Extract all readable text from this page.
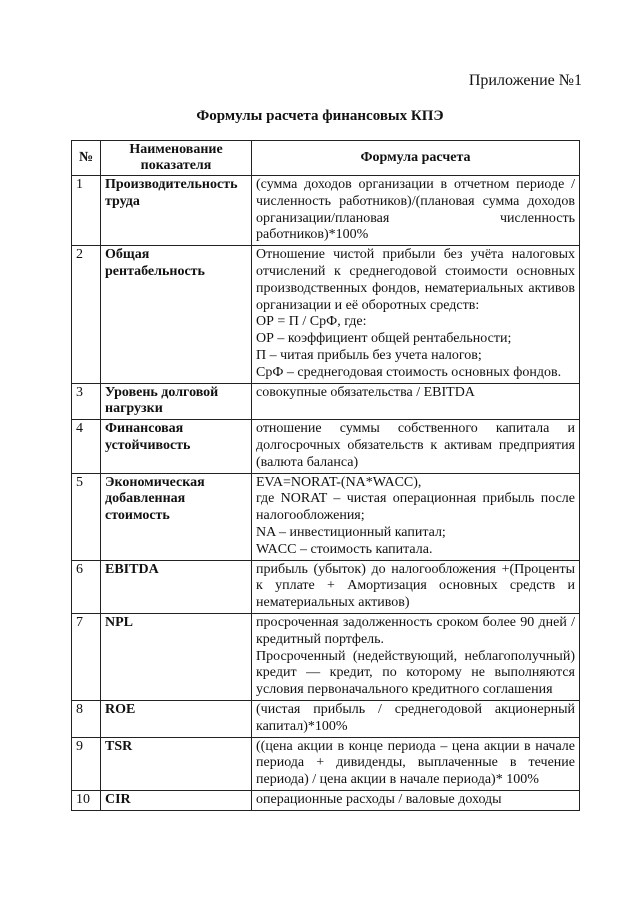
Приложение №1
Формулы расчета финансовых КПЭ
№	Наименование показателя	Формула расчета
1	Производительность труда	(сумма доходов организации в отчетном периоде / численность работников)/(плановая сумма доходов организации/плановая численность работников)*100%

2	Общая рентабельность	Отношение чистой прибыли без учёта налоговых отчислений к среднегодовой стоимости основных производственных фондов, нематериальных активов организации и её оборотных средств:
ОР = П / СрФ, где:
ОР – коэффициент общей рентабельности;
П – читая прибыль без учета налогов;
СрФ – среднегодовая стоимость основных фондов.

3	Уровень долговой нагрузки	совокупные обязательства / EBITDA

4	Финансовая устойчивость	отношение суммы собственного капитала и долгосрочных обязательств к активам предприятия (валюта баланса)

5	Экономическая добавленная стоимость	EVA=NORAT-(NA*WACC),
где NORAT – чистая операционная прибыль после налогообложения;
NA – инвестиционный капитал;
WACC – стоимость капитала.

6	EBITDA	прибыль (убыток) до налогообложения +(Проценты к уплате + Амортизация основных средств и нематериальных активов)

7	NPL	просроченная задолженность сроком более 90 дней / кредитный портфель.
Просроченный (недействующий, неблагополучный) кредит — кредит, по которому не выполняются условия первоначального кредитного соглашения

8	ROE	(чистая прибыль / среднегодовой акционерный капитал)*100%

9	TSR	((цена акции в конце периода – цена акции в начале периода + дивиденды, выплаченные в течение периода) / цена акции в начале периода)* 100%

10	CIR	операционные расходы / валовые доходы
